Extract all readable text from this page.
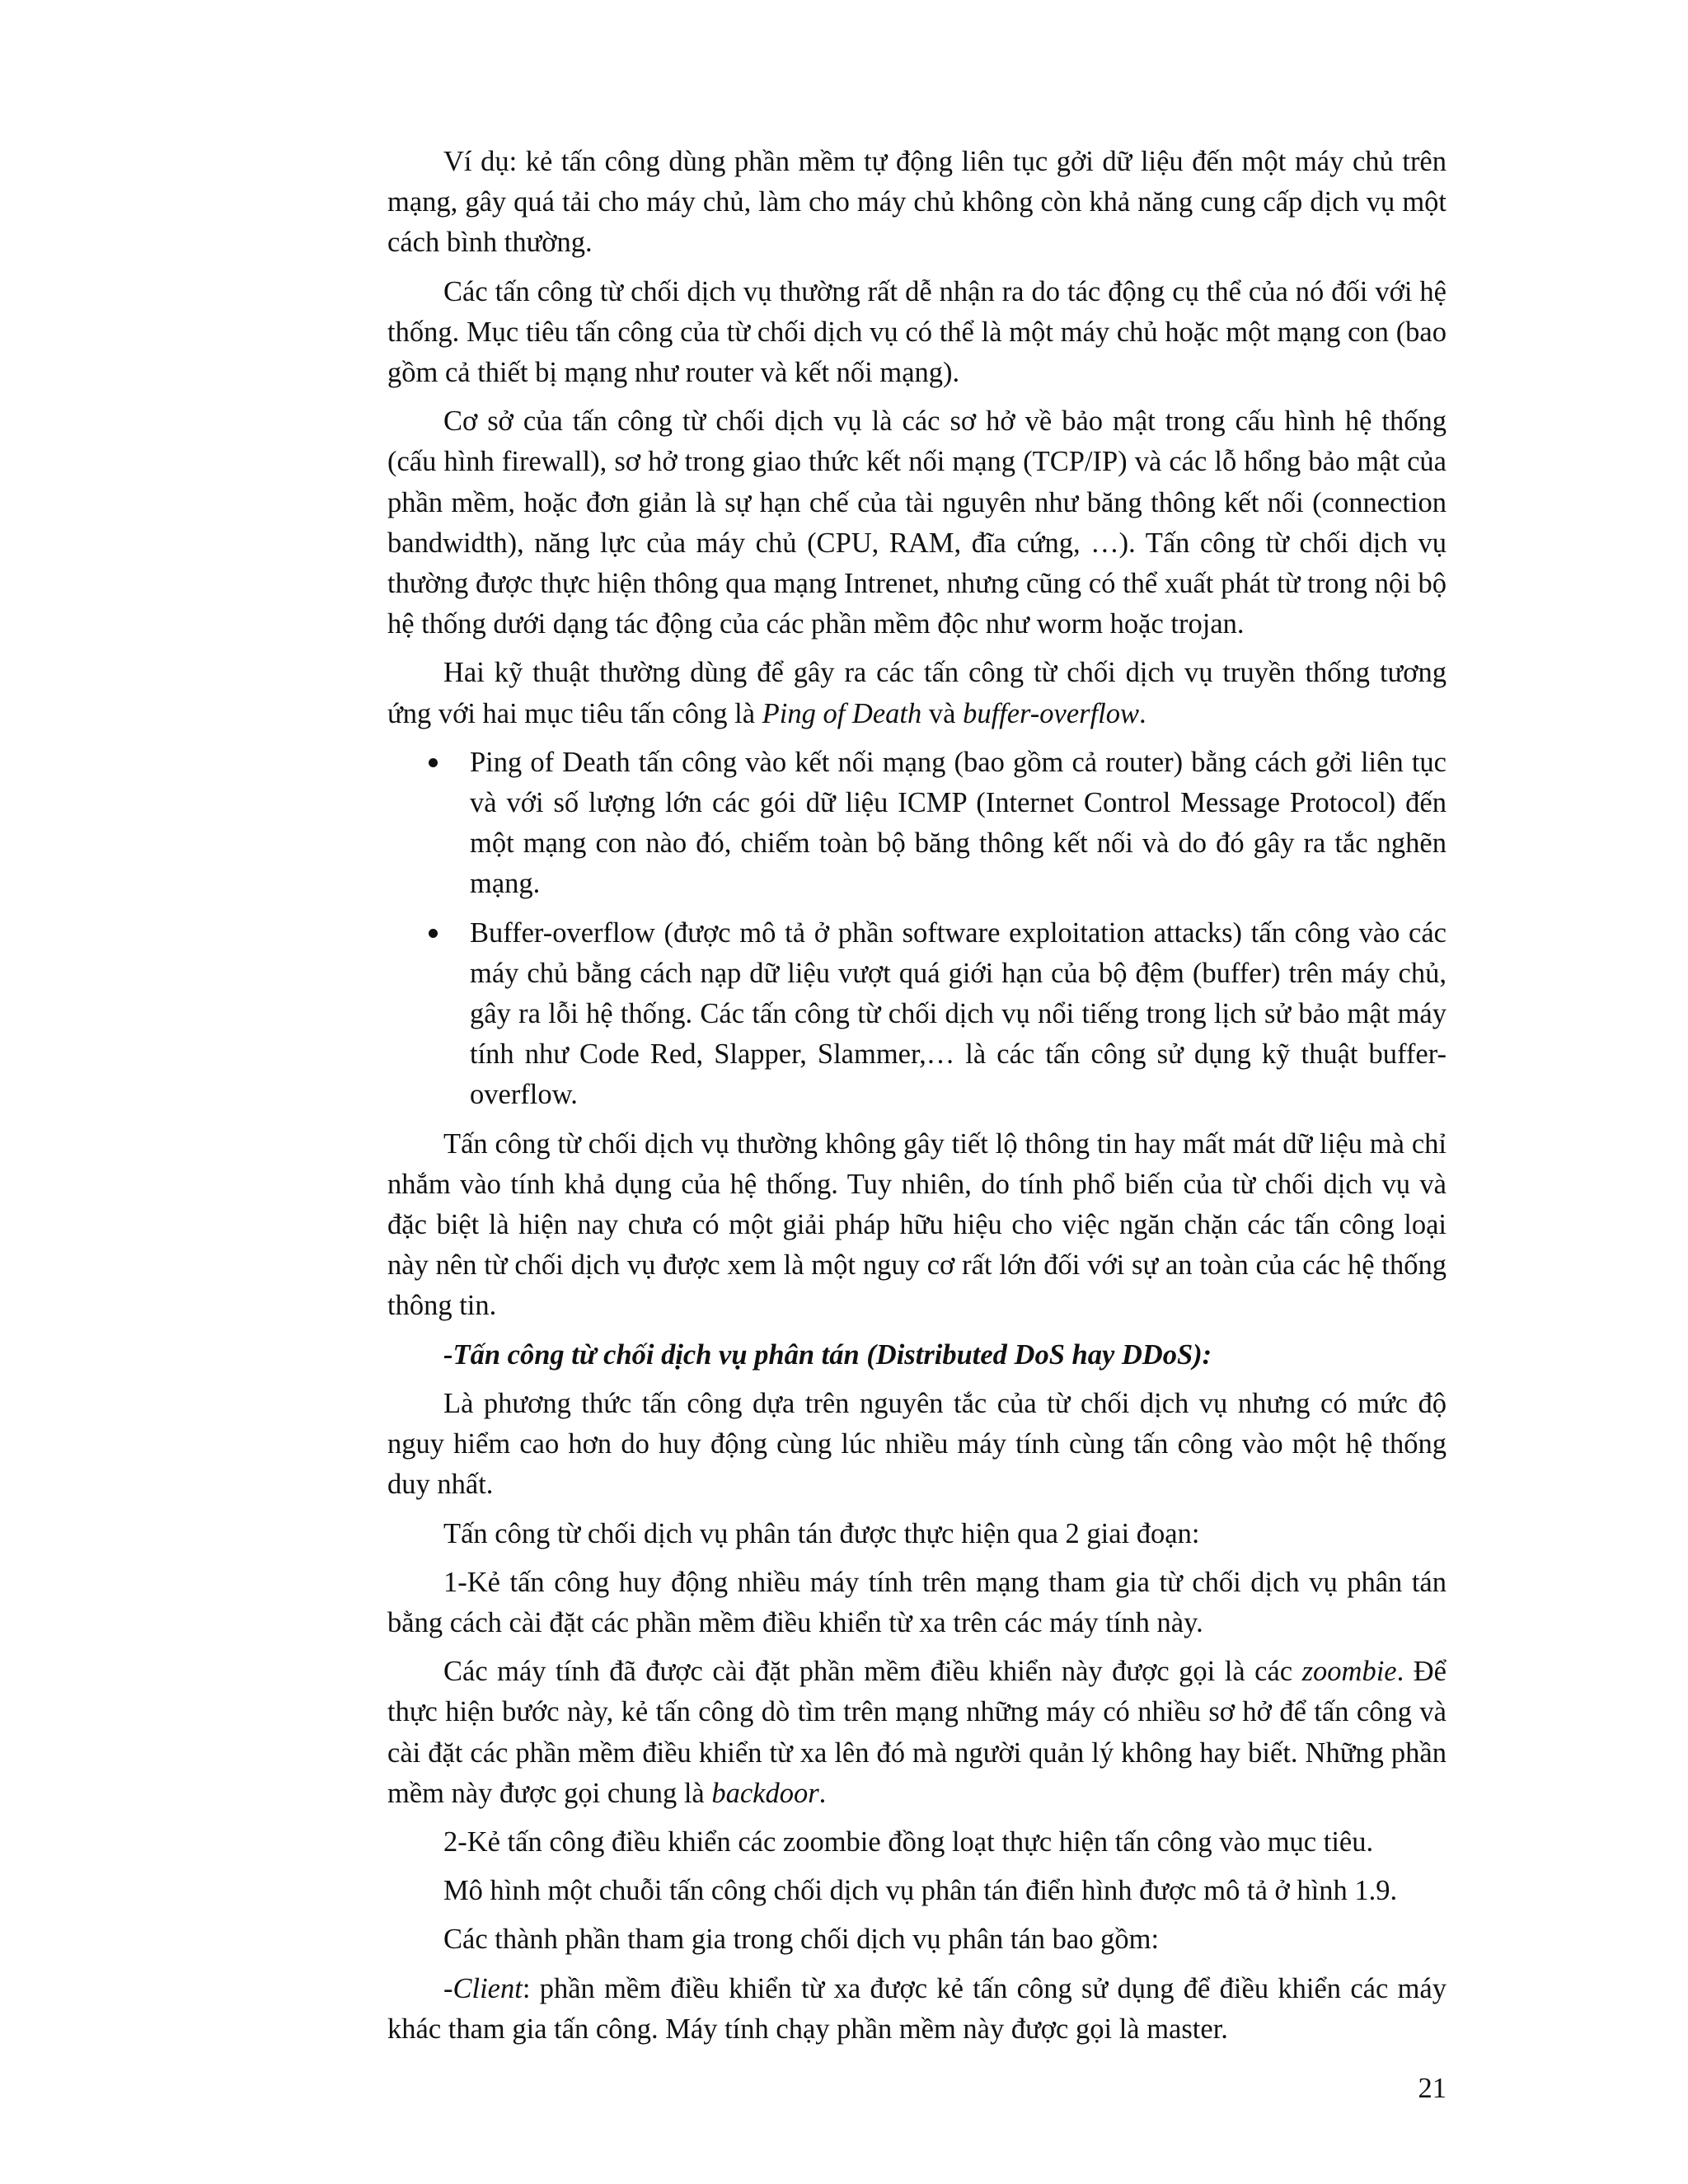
Ví dụ: kẻ tấn công dùng phần mềm tự động liên tục gởi dữ liệu đến một máy chủ trên mạng, gây quá tải cho máy chủ, làm cho máy chủ không còn khả năng cung cấp dịch vụ một cách bình thường.

Các tấn công từ chối dịch vụ thường rất dễ nhận ra do tác động cụ thể của nó đối với hệ thống. Mục tiêu tấn công của từ chối dịch vụ có thể là một máy chủ hoặc một mạng con (bao gồm cả thiết bị mạng như router và kết nối mạng).

Cơ sở của tấn công từ chối dịch vụ là các sơ hở về bảo mật trong cấu hình hệ thống (cấu hình firewall), sơ hở trong giao thức kết nối mạng (TCP/IP) và các lỗ hổng bảo mật của phần mềm, hoặc đơn giản là sự hạn chế của tài nguyên như băng thông kết nối (connection bandwidth), năng lực của máy chủ (CPU, RAM, đĩa cứng, …). Tấn công từ chối dịch vụ thường được thực hiện thông qua mạng Intrenet, nhưng cũng có thể xuất phát từ trong nội bộ hệ thống dưới dạng tác động của các phần mềm độc như worm hoặc trojan.

Hai kỹ thuật thường dùng để gây ra các tấn công từ chối dịch vụ truyền thống tương ứng với hai mục tiêu tấn công là Ping of Death và buffer-overflow.

Ping of Death tấn công vào kết nối mạng (bao gồm cả router) bằng cách gởi liên tục và với số lượng lớn các gói dữ liệu ICMP (Internet Control Message Protocol) đến một mạng con nào đó, chiếm toàn bộ băng thông kết nối và do đó gây ra tắc nghẽn mạng.
Buffer-overflow (được mô tả ở phần software exploitation attacks) tấn công vào các máy chủ bằng cách nạp dữ liệu vượt quá giới hạn của bộ đệm (buffer) trên máy chủ, gây ra lỗi hệ thống. Các tấn công từ chối dịch vụ nổi tiếng trong lịch sử bảo mật máy tính như Code Red, Slapper, Slammer,… là các tấn công sử dụng kỹ thuật buffer-overflow.

Tấn công từ chối dịch vụ thường không gây tiết lộ thông tin hay mất mát dữ liệu mà chỉ nhắm vào tính khả dụng của hệ thống. Tuy nhiên, do tính phổ biến của từ chối dịch vụ và đặc biệt là hiện nay chưa có một giải pháp hữu hiệu cho việc ngăn chặn các tấn công loại này nên từ chối dịch vụ được xem là một nguy cơ rất lớn đối với sự an toàn của các hệ thống thông tin.

-Tấn công từ chối dịch vụ phân tán (Distributed DoS hay DDoS):

Là phương thức tấn công dựa trên nguyên tắc của từ chối dịch vụ nhưng có mức độ nguy hiểm cao hơn do huy động cùng lúc nhiều máy tính cùng tấn công vào một hệ thống duy nhất.

Tấn công từ chối dịch vụ phân tán được thực hiện qua 2 giai đoạn:

1-Kẻ tấn công huy động nhiều máy tính trên mạng tham gia từ chối dịch vụ phân tán bằng cách cài đặt các phần mềm điều khiển từ xa trên các máy tính này.

Các máy tính đã được cài đặt phần mềm điều khiển này được gọi là các zoombie. Để thực hiện bước này, kẻ tấn công dò tìm trên mạng những máy có nhiều sơ hở để tấn công và cài đặt các phần mềm điều khiển từ xa lên đó mà người quản lý không hay biết. Những phần mềm này được gọi chung là backdoor.

2-Kẻ tấn công điều khiển các zoombie đồng loạt thực hiện tấn công vào mục tiêu.

Mô hình một chuỗi tấn công chối dịch vụ phân tán điển hình được mô tả ở hình 1.9.

Các thành phần tham gia trong chối dịch vụ phân tán bao gồm:

-Client: phần mềm điều khiển từ xa được kẻ tấn công sử dụng để điều khiển các máy khác tham gia tấn công. Máy tính chạy phần mềm này được gọi là master.

21
